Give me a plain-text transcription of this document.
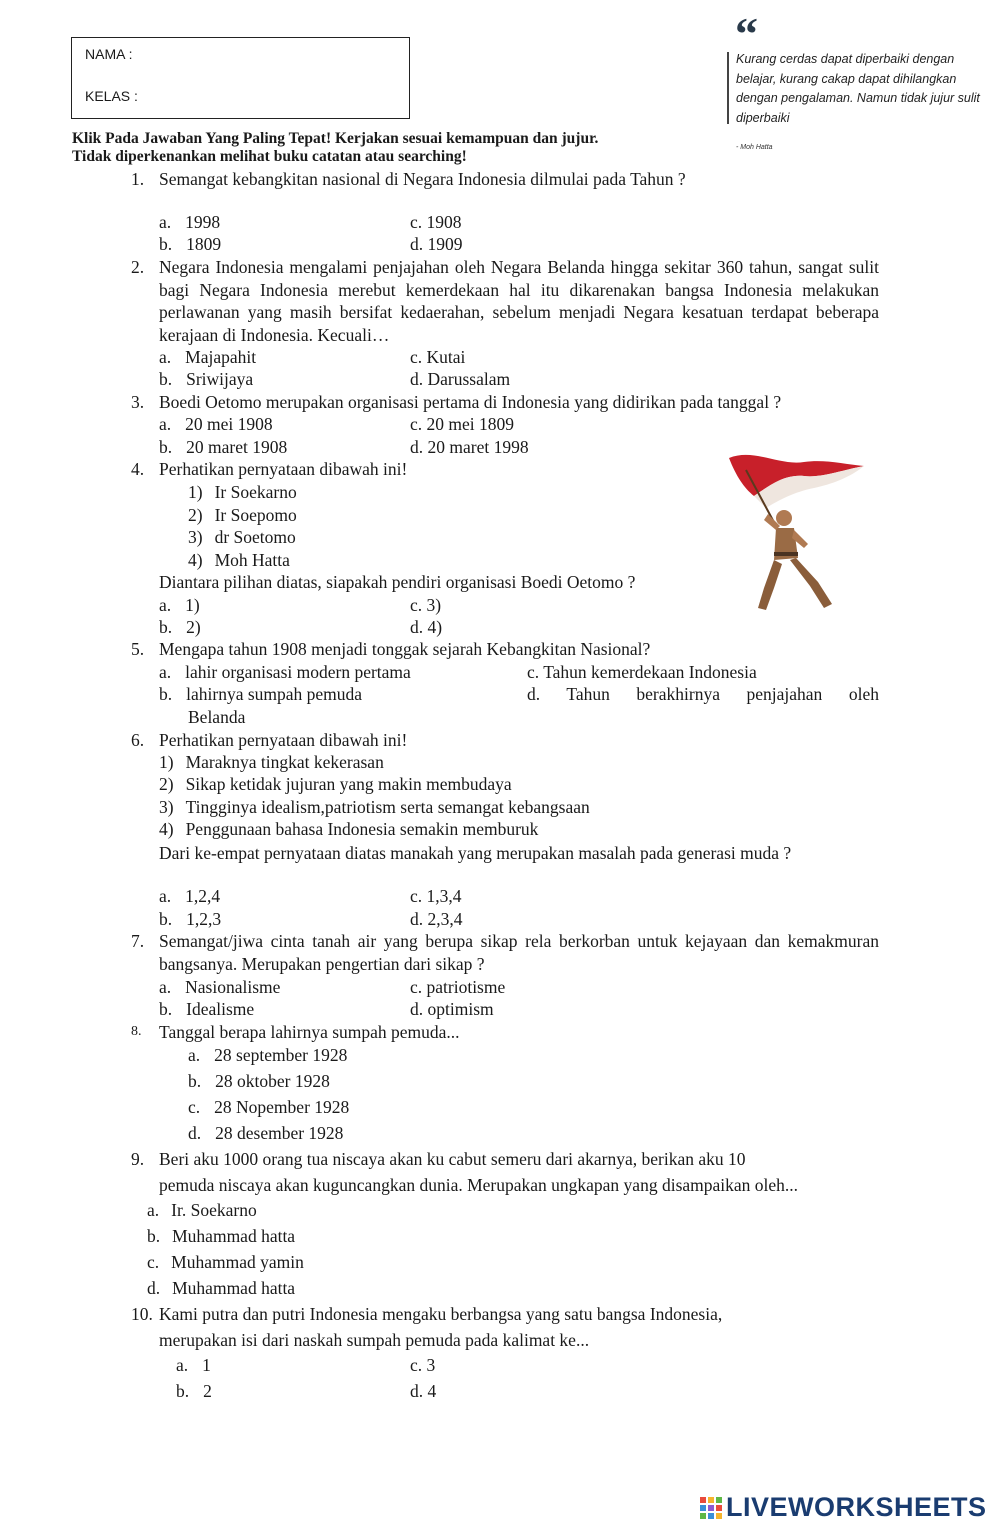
NAMA :
KELAS :
“
Kurang cerdas dapat diperbaiki dengan
belajar, kurang cakap dapat dihilangkan
dengan pengalaman. Namun tidak jujur sulit
diperbaiki
- Moh Hatta
Klik Pada Jawaban Yang Paling Tepat! Kerjakan sesuai kemampuan dan jujur.
Tidak diperkenankan melihat buku catatan atau searching!
1. Semangat kebangkitan nasional di Negara Indonesia dilmulai pada Tahun ?
a. 1998	c. 1908
b. 1809	d. 1909
2. Negara Indonesia mengalami penjajahan oleh Negara Belanda hingga sekitar 360 tahun, sangat sulit bagi Negara Indonesia merebut kemerdekaan hal itu dikarenakan bangsa Indonesia melakukan perlawanan yang masih bersifat kedaerahan, sebelum menjadi Negara kesatuan terdapat beberapa kerajaan di Indonesia. Kecuali…
a. Majapahit	c. Kutai
b. Sriwijaya	d. Darussalam
3. Boedi Oetomo merupakan organisasi pertama di Indonesia yang didirikan pada tanggal ?
a. 20 mei 1908	c. 20 mei 1809
b. 20 maret 1908	d. 20 maret 1998
4. Perhatikan pernyataan dibawah ini!
1) Ir Soekarno
2) Ir Soepomo
3) dr Soetomo
4) Moh Hatta
Diantara pilihan diatas, siapakah pendiri organisasi Boedi Oetomo ?
a. 1)	c. 3)
b. 2)	d. 4)
5. Mengapa tahun 1908 menjadi tonggak sejarah Kebangkitan Nasional?
a. lahir organisasi modern pertama	c. Tahun kemerdekaan Indonesia
b. lahirnya sumpah pemuda	d. Tahun berakhirnya penjajahan oleh
Belanda
6. Perhatikan pernyataan dibawah ini!
1) Maraknya tingkat kekerasan
2) Sikap ketidak jujuran yang makin membudaya
3) Tingginya idealism,patriotism serta semangat kebangsaan
4) Penggunaan bahasa Indonesia semakin memburuk
Dari ke-empat pernyataan diatas manakah yang merupakan masalah pada generasi muda ?
a. 1,2,4	c. 1,3,4
b. 1,2,3	d. 2,3,4
7. Semangat/jiwa cinta tanah air yang berupa sikap rela berkorban untuk kejayaan dan kemakmuran bangsanya. Merupakan pengertian dari sikap ?
a. Nasionalisme	c. patriotisme
b. Idealisme	d. optimism
8. Tanggal berapa lahirnya sumpah pemuda...
a. 28 september 1928
b. 28 oktober 1928
c. 28 Nopember 1928
d. 28 desember 1928
9. Beri aku 1000 orang tua niscaya akan ku cabut semeru dari akarnya, berikan aku 10
pemuda niscaya akan kuguncangkan dunia. Merupakan ungkapan yang disampaikan oleh...
a. Ir. Soekarno
b. Muhammad hatta
c. Muhammad yamin
d. Muhammad hatta
10. Kami putra dan putri Indonesia mengaku berbangsa yang satu bangsa Indonesia,
merupakan isi dari naskah sumpah pemuda pada kalimat ke...
a. 1	c. 3
b. 2	d. 4
LIVEWORKSHEETS
